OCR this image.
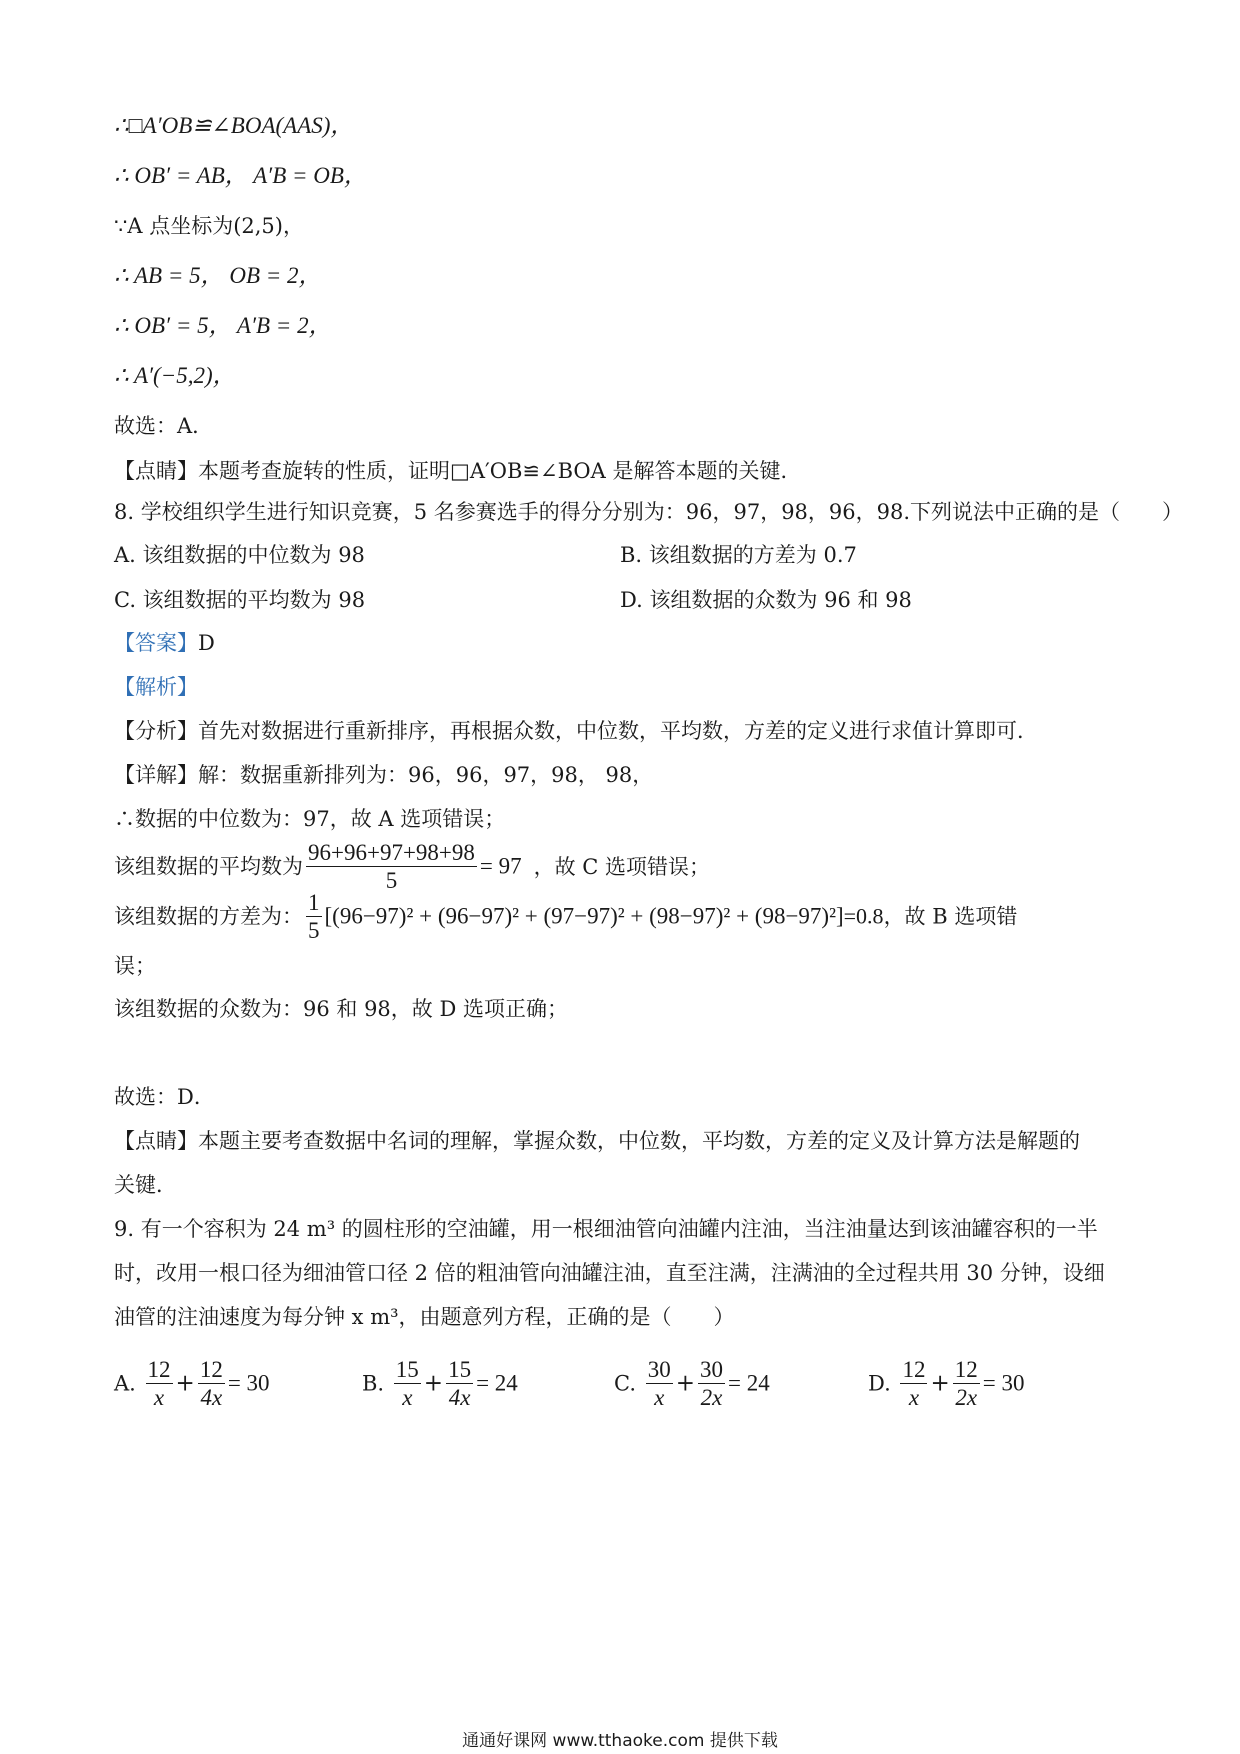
∴□A′OB≌∠BOA(AAS)，
∴ OB′ = AB， A′B = OB，
∵A 点坐标为(2,5)，
∴ AB = 5， OB = 2，
∴ OB′ = 5， A′B = 2，
∴ A′(−5,2)，
故选：A．
【点睛】本题考查旋转的性质，证明□A′OB≌∠BOA 是解答本题的关键．
8. 学校组织学生进行知识竞赛，5 名参赛选手的得分分别为：96，97，98，96，98.下列说法中正确的是（　　）
A. 该组数据的中位数为 98	B. 该组数据的方差为 0.7
C. 该组数据的平均数为 98	D. 该组数据的众数为 96 和 98
【答案】D
【解析】
【分析】首先对数据进行重新排序，再根据众数，中位数，平均数，方差的定义进行求值计算即可．
【详解】解：数据重新排列为：96，96，97，98， 98，
∴数据的中位数为：97，故 A 选项错误；
该组数据的平均数为 $\frac{96+96+97+98+98}{5} = 97$ ，故 C 选项错误；
该组数据的方差为： $\frac{1}{5} [(96-97)^2 + (96-97)^2 + (97-97)^2 + (98-97)^2 + (98-97)^2]=0.8$，故 B 选项错
误；
该组数据的众数为：96 和 98，故 D 选项正确；
故选：D．
【点睛】本题主要考查数据中名词的理解，掌握众数，中位数，平均数，方差的定义及计算方法是解题的
关键．
9. 有一个容积为 24 m³ 的圆柱形的空油罐，用一根细油管向油罐内注油，当注油量达到该油罐容积的一半
时，改用一根口径为细油管口径 2 倍的粗油管向油罐注油，直至注满，注满油的全过程共用 30 分钟，设细
油管的注油速度为每分钟 x m³，由题意列方程，正确的是（　　）
A. $\frac{12}{x} + \frac{12}{4x} = 30$	B. $\frac{15}{x} + \frac{15}{4x} = 24$	C. $\frac{30}{x} + \frac{30}{2x} = 24$	D. $\frac{12}{x} + \frac{12}{2x} = 30$
通通好课网 www.tthaoke.com 提供下载
